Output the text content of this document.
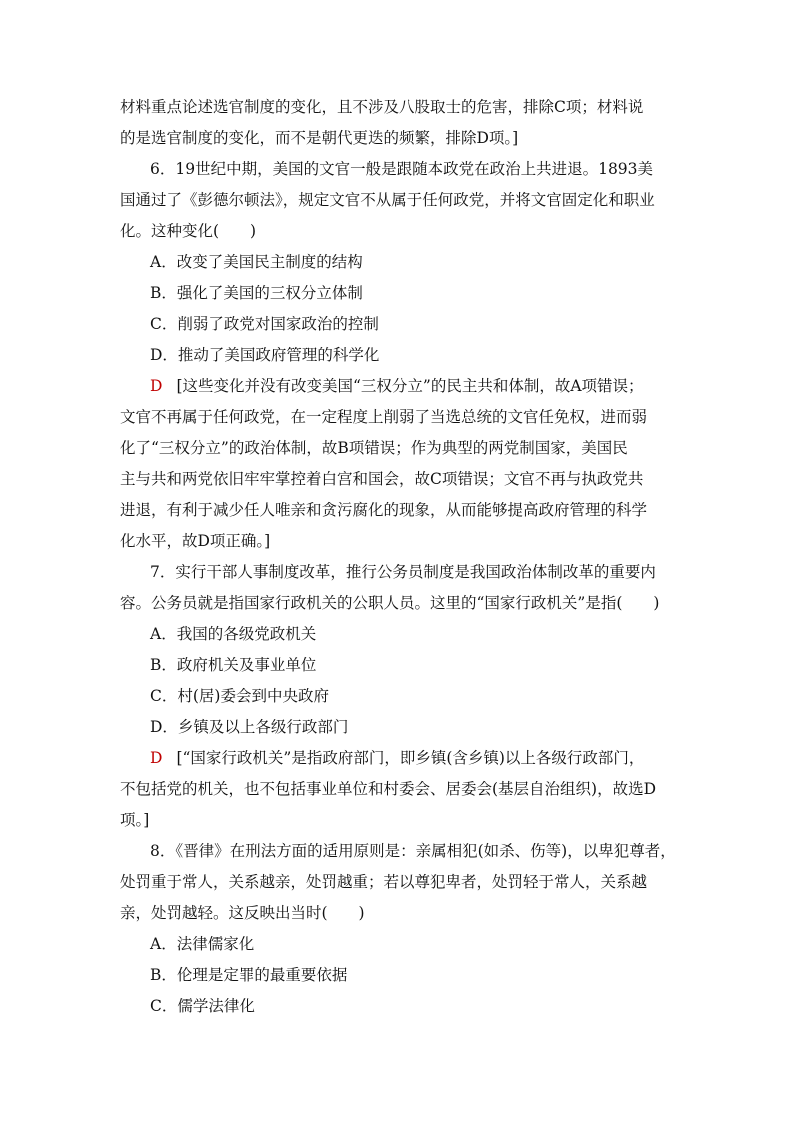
材料重点论述选官制度的变化，且不涉及八股取士的危害，排除C项；材料说
的是选官制度的变化，而不是朝代更迭的频繁，排除D项。]
6．19世纪中期，美国的文官一般是跟随本政党在政治上共进退。1893美
国通过了《彭德尔顿法》，规定文官不从属于任何政党，并将文官固定化和职业
化。这种变化(　　)
A．改变了美国民主制度的结构
B．强化了美国的三权分立体制
C．削弱了政党对国家政治的控制
D．推动了美国政府管理的科学化
D [这些变化并没有改变美国“三权分立”的民主共和体制，故A项错误；
文官不再属于任何政党，在一定程度上削弱了当选总统的文官任免权，进而弱
化了“三权分立”的政治体制，故B项错误；作为典型的两党制国家，美国民
主与共和两党依旧牢牢掌控着白宫和国会，故C项错误；文官不再与执政党共
进退，有利于减少任人唯亲和贪污腐化的现象，从而能够提高政府管理的科学
化水平，故D项正确。]
7．实行干部人事制度改革，推行公务员制度是我国政治体制改革的重要内
容。公务员就是指国家行政机关的公职人员。这里的“国家行政机关”是指(　　)
A．我国的各级党政机关
B．政府机关及事业单位
C．村(居)委会到中央政府
D．乡镇及以上各级行政部门
D [“国家行政机关”是指政府部门，即乡镇(含乡镇)以上各级行政部门，
不包括党的机关，也不包括事业单位和村委会、居委会(基层自治组织)，故选D
项。]
8．《晋律》在刑法方面的适用原则是：亲属相犯(如杀、伤等)，以卑犯尊者，
处罚重于常人，关系越亲，处罚越重；若以尊犯卑者，处罚轻于常人，关系越
亲，处罚越轻。这反映出当时(　　)
A．法律儒家化
B．伦理是定罪的最重要依据
C．儒学法律化
